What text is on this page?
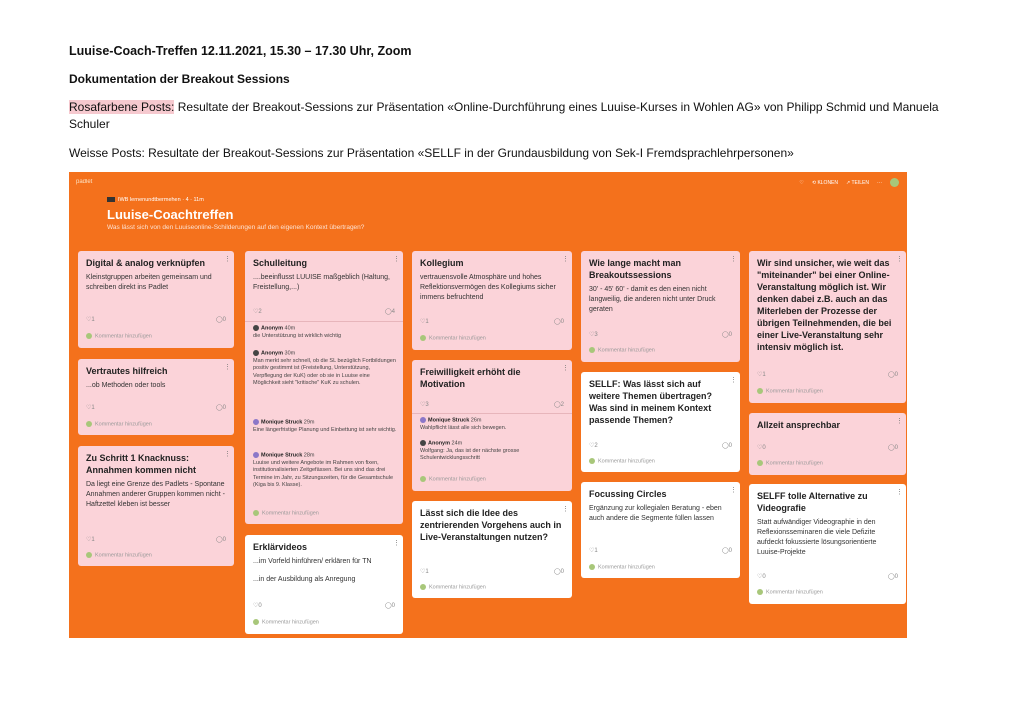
Luuise-Coach-Treffen 12.11.2021, 15.30 – 17.30 Uhr, Zoom
Dokumentation der Breakout Sessions
Rosafarbene Posts: Resultate der Breakout-Sessions zur Präsentation «Online-Durchführung eines Luuise-Kurses in Wohlen AG» von Philipp Schmid und Manuela Schuler
Weisse Posts: Resultate der Breakout-Sessions zur Präsentation «SELLF in der Grundausbildung von Sek-I Fremdsprachlehrpersonen»
padlet	♡ ⟲ KLONEN ↗ TEILEN ···
IWB lernenundtbermehen · 4 · 11m
Luuise-Coachtreffen
Was lässt sich von den Luuiseonline-Schilderungen auf den eigenen Kontext übertragen?
⋮
Digital & analog verknüpfen

Kleinstgruppen arbeiten gemeinsam und schreiben direkt ins Padlet

♡1	◯0
Kommentar hinzufügen
⋮
Vertrautes hilfreich

...ob Methoden oder tools

♡1	◯0
Kommentar hinzufügen
⋮
Zu Schritt 1 Knacknuss: Annahmen kommen nicht

Da liegt eine Grenze des Padlets - Spontane Annahmen anderer Gruppen kommen nicht - Haftzettel kleben ist besser

♡1	◯0
Kommentar hinzufügen
⋮
Schulleitung

....beeinflusst LUUISE maßgeblich (Haltung, Freistellung,...)

♡2	◯4
Anonym 40m
die Unterstützung ist wirklich wichtig
Anonym 30m
Man merkt sehr schnell, ob die SL bezüglich Fortbildungen positiv gestimmt ist (Freistellung, Unterstützung, Verpflegung der KuK) oder ob sie in Luuise eine Möglichkeit sieht "kritische" KuK zu schulen.
Monique Struck 29m
Eine längerfristige Planung und Einbettung ist sehr wichtig.
Monique Struck 28m
Luuise und weitere Angebote im Rahmen von fixen, institutionalisierten Zeitgefässen. Bei uns sind das drei Termine im Jahr, zu Sitzungszeiten, für die Gesamtschule (Kiga bis 9. Klasse).
Kommentar hinzufügen
⋮
Erklärvideos

...im Vorfeld hinführen/ erklären für TN

...in der Ausbildung als Anregung

♡0	◯0
Kommentar hinzufügen
⋮
Kollegium

vertrauensvolle Atmosphäre und hohes Reflektionsvermögen des Kollegiums sicher immens befruchtend

♡1	◯0
Kommentar hinzufügen
⋮
Freiwilligkeit erhöht die Motivation
♡3	◯2
Monique Struck 26m
Wahlpflicht lässt alle sich bewegen.
Anonym 24m
Wolfgang: Ja, das ist der nächste grosse Schulentwicklungsschritt
Kommentar hinzufügen
⋮
Lässt sich die Idee des zentrierenden Vorgehens auch in Live-Veranstaltungen nutzen?
♡1	◯0
Kommentar hinzufügen
⋮
Wie lange macht man Breakoutssessions

30' - 45' 60' - damit es den einen nicht langweilig, die anderen nicht unter Druck geraten

♡3	◯0
Kommentar hinzufügen
⋮
SELLF: Was lässt sich auf weitere Themen übertragen? Was sind in meinem Kontext passende Themen?
♡2	◯0
Kommentar hinzufügen
⋮
Focussing Circles

Ergänzung zur kollegialen Beratung - eben auch andere die Segmente füllen lassen

♡1	◯0
Kommentar hinzufügen
⋮
Wir sind unsicher, wie weit das "miteinander" bei einer Online-Veranstaltung möglich ist. Wir denken dabei z.B. auch an das Miterleben der Prozesse der übrigen Teilnehmenden, die bei einer Live-Veranstaltung sehr intensiv möglich ist.
♡1	◯0
Kommentar hinzufügen
⋮
Allzeit ansprechbar
♡0	◯0
Kommentar hinzufügen
⋮
SELFF tolle Alternative zu Videografie

Statt aufwändiger Videographie in den Reflexionsseminaren die viele Defizite aufdeckt fokussierte lösungsorientierte Luuise-Projekte

♡0	◯0
Kommentar hinzufügen
